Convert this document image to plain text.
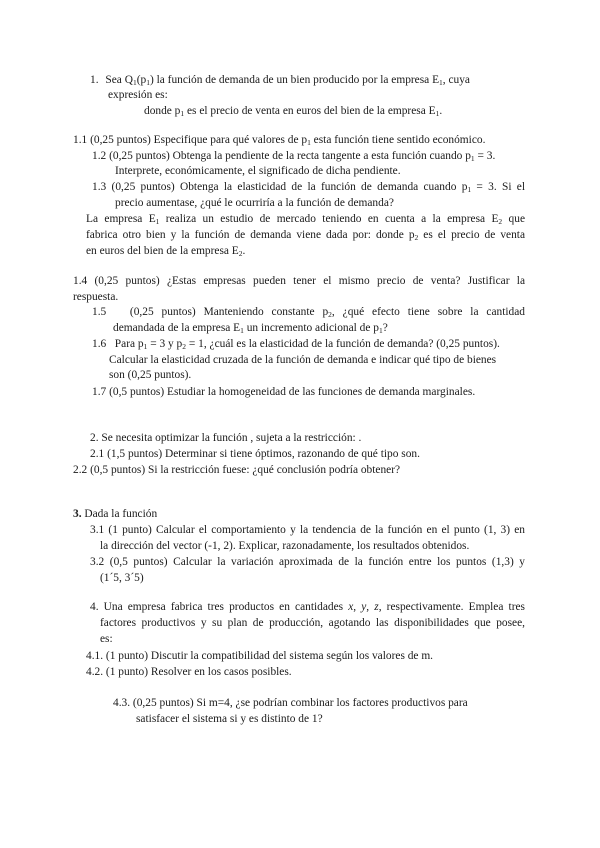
1. Sea $Q_1(p_1)$ la función de demanda de un bien producido por la empresa $E_1$, cuya
expresión es:
donde $p_1$ es el precio de venta en euros del bien de la empresa $E_1$.
1.1 (0,25 puntos) Especifique para qué valores de $p_1$ esta función tiene sentido económico.
1.2 (0,25 puntos) Obtenga la pendiente de la recta tangente a esta función cuando $p_1 = 3$.
Interprete, económicamente, el significado de dicha pendiente.
1.3 (0,25 puntos) Obtenga la elasticidad de la función de demanda cuando $p_1 = 3$. Si el
precio aumentase, ¿qué le ocurriría a la función de demanda?
La empresa $E_1$ realiza un estudio de mercado teniendo en cuenta a la empresa $E_2$ que
fabrica otro bien y la función de demanda viene dada por: donde $p_2$ es el precio de venta
en euros del bien de la empresa $E_2$.
1.4 (0,25 puntos) ¿Estas empresas pueden tener el mismo precio de venta? Justificar la
respuesta.
1.5 (0,25 puntos) Manteniendo constante $p_2$, ¿qué efecto tiene sobre la cantidad
demandada de la empresa $E_1$ un incremento adicional de $p_1$?
1.6 Para $p_1 = 3$ y $p_2 = 1$, ¿cuál es la elasticidad de la función de demanda? (0,25 puntos).
Calcular la elasticidad cruzada de la función de demanda e indicar qué tipo de bienes
son (0,25 puntos).
1.7 (0,5 puntos) Estudiar la homogeneidad de las funciones de demanda marginales.
2. Se necesita optimizar la función , sujeta a la restricción: .
2.1 (1,5 puntos) Determinar si tiene óptimos, razonando de qué tipo son.
2.2 (0,5 puntos) Si la restricción fuese: ¿qué conclusión podría obtener?
3. Dada la función
3.1 (1 punto) Calcular el comportamiento y la tendencia de la función en el punto (1, 3) en
la dirección del vector (-1, 2). Explicar, razonadamente, los resultados obtenidos.
3.2 (0,5 puntos) Calcular la variación aproximada de la función entre los puntos (1,3) y
(1´5, 3´5)
4. Una empresa fabrica tres productos en cantidades x, y, z, respectivamente. Emplea tres
factores productivos y su plan de producción, agotando las disponibilidades que posee,
es:
4.1. (1 punto) Discutir la compatibilidad del sistema según los valores de m.
4.2. (1 punto) Resolver en los casos posibles.
4.3. (0,25 puntos) Si m=4, ¿se podrían combinar los factores productivos para
satisfacer el sistema si y es distinto de 1?
